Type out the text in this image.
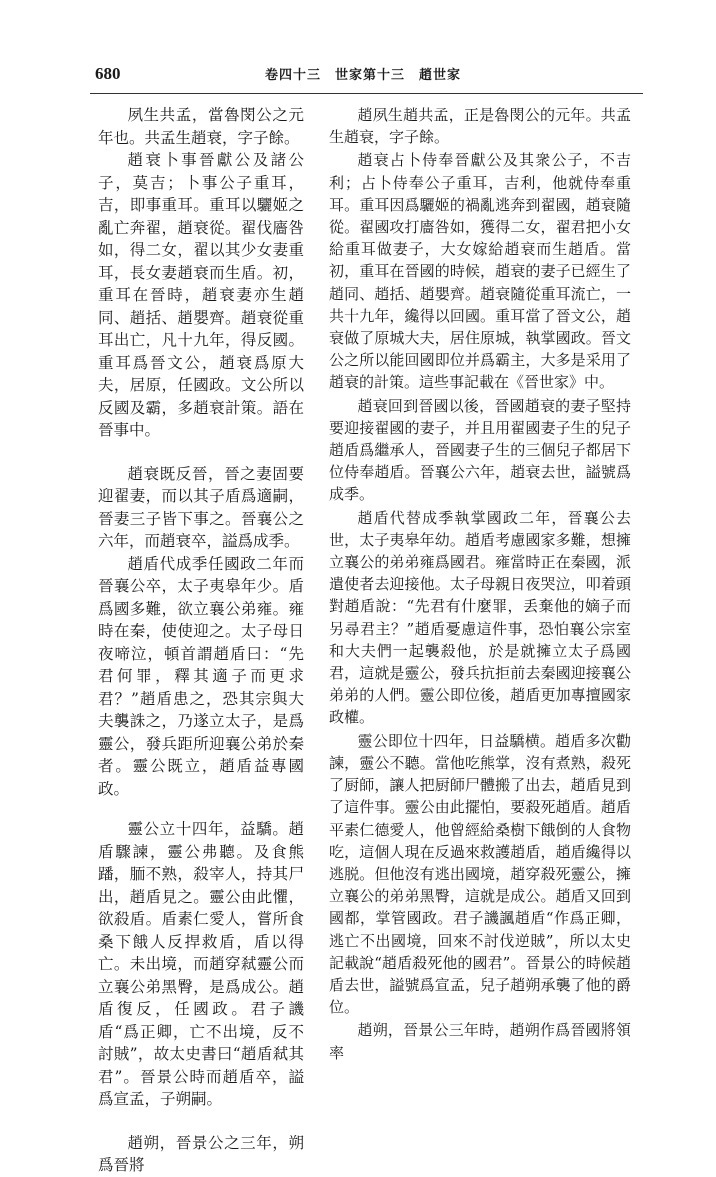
680	卷四十三　世家第十三　趙世家

夙生共孟，當魯閔公之元年也。共孟生趙衰，字子餘。

趙衰卜事晉獻公及諸公子，莫吉；卜事公子重耳，吉，即事重耳。重耳以驪姬之亂亡奔翟，趙衰從。翟伐廧咎如，得二女，翟以其少女妻重耳，長女妻趙衰而生盾。初，重耳在晉時，趙衰妻亦生趙同、趙括、趙嬰齊。趙衰從重耳出亡，凡十九年，得反國。重耳爲晉文公，趙衰爲原大夫，居原，任國政。文公所以反國及霸，多趙衰計策。語在晉事中。

趙衰既反晉，晉之妻固要迎翟妻，而以其子盾爲適嗣，晉妻三子皆下事之。晉襄公之六年，而趙衰卒，謚爲成季。

趙盾代成季任國政二年而晉襄公卒，太子夷皋年少。盾爲國多難，欲立襄公弟雍。雍時在秦，使使迎之。太子母日夜啼泣，頓首謂趙盾曰：“先君何罪，釋其適子而更求君？”趙盾患之，恐其宗與大夫襲誅之，乃遂立太子，是爲靈公，發兵距所迎襄公弟於秦者。靈公既立，趙盾益專國政。

靈公立十四年，益驕。趙盾驟諫，靈公弗聽。及食熊蹯，胹不熟，殺宰人，持其尸出，趙盾見之。靈公由此懼，欲殺盾。盾素仁愛人，嘗所食桑下餓人反捍救盾，盾以得亡。未出境，而趙穿弒靈公而立襄公弟黑臀，是爲成公。趙盾復反，任國政。君子譏盾“爲正卿，亡不出境，反不討賊”，故太史書曰“趙盾弒其君”。晉景公時而趙盾卒，謚爲宣孟，子朔嗣。

趙朔，晉景公之三年，朔爲晉將

趙夙生趙共孟，正是魯閔公的元年。共孟生趙衰，字子餘。

趙衰占卜侍奉晉獻公及其衆公子，不吉利；占卜侍奉公子重耳，吉利，他就侍奉重耳。重耳因爲驪姬的禍亂逃奔到翟國，趙衰隨從。翟國攻打廧咎如，獲得二女，翟君把小女給重耳做妻子，大女嫁給趙衰而生趙盾。當初，重耳在晉國的時候，趙衰的妻子已經生了趙同、趙括、趙嬰齊。趙衰隨從重耳流亡，一共十九年，纔得以回國。重耳當了晉文公，趙衰做了原城大夫，居住原城，執掌國政。晉文公之所以能回國即位并爲霸主，大多是采用了趙衰的計策。這些事記載在《晉世家》中。

趙衰回到晉國以後，晉國趙衰的妻子堅持要迎接翟國的妻子，并且用翟國妻子生的兒子趙盾爲繼承人，晉國妻子生的三個兒子都居下位侍奉趙盾。晉襄公六年，趙衰去世，謚號爲成季。

趙盾代替成季執掌國政二年，晉襄公去世，太子夷皋年幼。趙盾考慮國家多難，想擁立襄公的弟弟雍爲國君。雍當時正在秦國，派遣使者去迎接他。太子母親日夜哭泣，叩着頭對趙盾說：“先君有什麼罪，丢棄他的嫡子而另尋君主？”趙盾憂慮這件事，恐怕襄公宗室和大夫們一起襲殺他，於是就擁立太子爲國君，這就是靈公，發兵抗拒前去秦國迎接襄公弟弟的人們。靈公即位後，趙盾更加專擅國家政權。

靈公即位十四年，日益驕横。趙盾多次勸諫，靈公不聽。當他吃熊掌，沒有煮熟，殺死了厨師，讓人把厨師尸體搬了出去，趙盾見到了這件事。靈公由此擺怕，要殺死趙盾。趙盾平素仁德愛人，他曾經給桑樹下餓倒的人食物吃，這個人現在反過來救護趙盾，趙盾纔得以逃脱。但他沒有逃出國境，趙穿殺死靈公，擁立襄公的弟弟黑臀，這就是成公。趙盾又回到國都，掌管國政。君子譏諷趙盾“作爲正卿，逃亡不出國境，回來不討伐逆賊”，所以太史記載說“趙盾殺死他的國君”。晉景公的時候趙盾去世，謚號爲宣孟，兒子趙朔承襲了他的爵位。

趙朔，晉景公三年時，趙朔作爲晉國將領率
